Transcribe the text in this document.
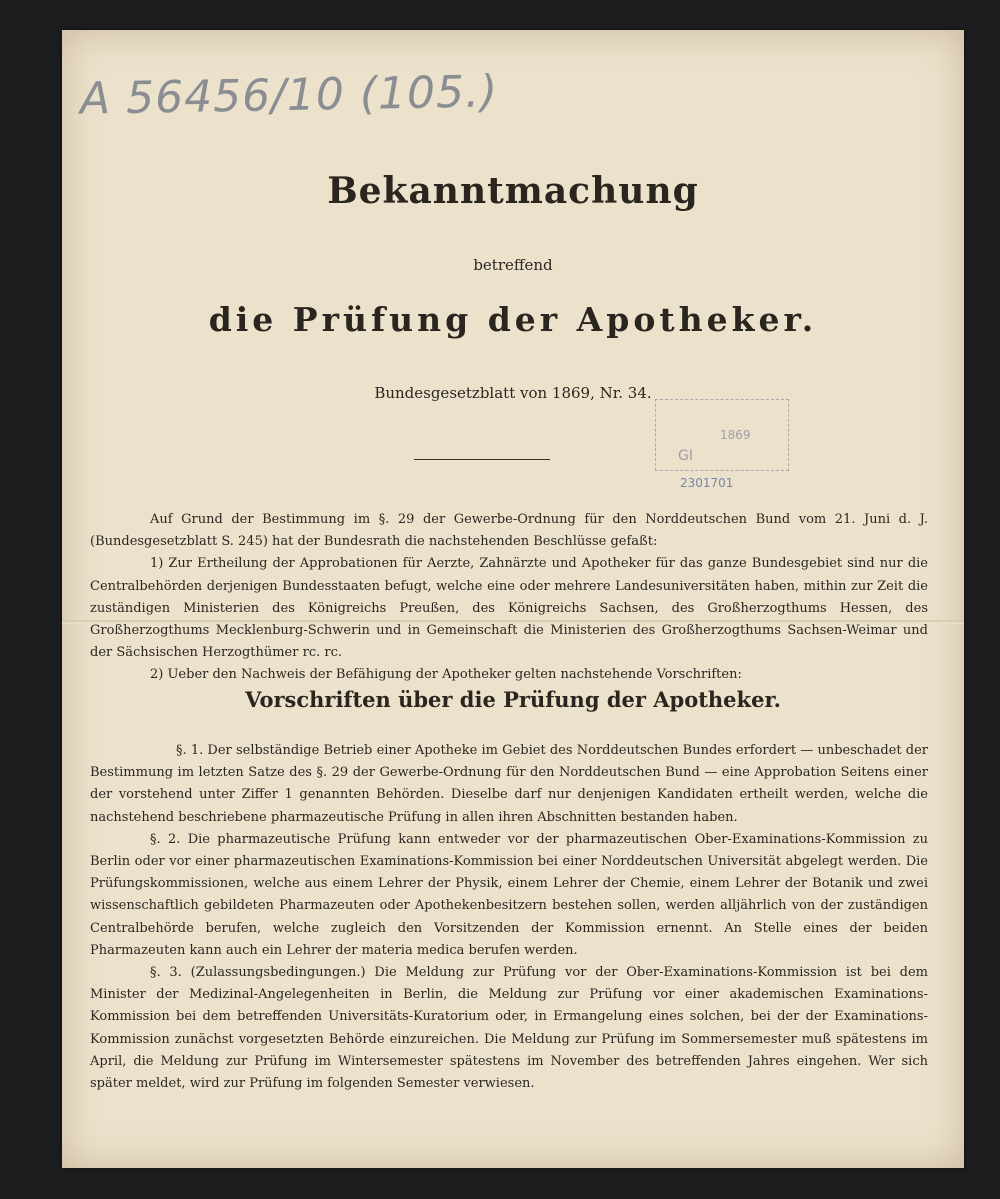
A 56456/10 (105.)
1869
GI
2301701
Bekanntmachung

betreffend

die Prüfung der Apotheker.

Bundesgesetzblatt von 1869, Nr. 34.

Auf Grund der Bestimmung im §. 29 der Gewerbe-Ordnung für den Norddeutschen Bund vom 21. Juni d. J. (Bundesgesetzblatt S. 245) hat der Bundesrath die nachstehenden Beschlüsse gefaßt:

1) Zur Ertheilung der Approbationen für Aerzte, Zahnärzte und Apotheker für das ganze Bundesgebiet sind nur die Centralbehörden derjenigen Bundesstaaten befugt, welche eine oder mehrere Landesuniversitäten haben, mithin zur Zeit die zuständigen Ministerien des Königreichs Preußen, des Königreichs Sachsen, des Großherzogthums Hessen, des Großherzogthums Mecklenburg-Schwerin und in Gemeinschaft die Ministerien des Großherzogthums Sachsen-Weimar und der Sächsischen Herzogthümer rc. rc.

2) Ueber den Nachweis der Befähigung der Apotheker gelten nachstehende Vorschriften:

Vorschriften über die Prüfung der Apotheker.

§. 1. Der selbständige Betrieb einer Apotheke im Gebiet des Norddeutschen Bundes erfordert — unbeschadet der Bestimmung im letzten Satze des §. 29 der Gewerbe-Ordnung für den Norddeutschen Bund — eine Approbation Seitens einer der vorstehend unter Ziffer 1 genannten Behörden. Dieselbe darf nur denjenigen Kandidaten ertheilt werden, welche die nachstehend beschriebene pharmazeutische Prüfung in allen ihren Abschnitten bestanden haben.

§. 2. Die pharmazeutische Prüfung kann entweder vor der pharmazeutischen Ober-Examinations-Kommission zu Berlin oder vor einer pharmazeutischen Examinations-Kommission bei einer Norddeutschen Universität abgelegt werden. Die Prüfungskommissionen, welche aus einem Lehrer der Physik, einem Lehrer der Chemie, einem Lehrer der Botanik und zwei wissenschaftlich gebildeten Pharmazeuten oder Apothekenbesitzern bestehen sollen, werden alljährlich von der zuständigen Centralbehörde berufen, welche zugleich den Vorsitzenden der Kommission ernennt. An Stelle eines der beiden Pharmazeuten kann auch ein Lehrer der materia medica berufen werden.

§. 3. (Zulassungsbedingungen.) Die Meldung zur Prüfung vor der Ober-Examinations-Kommission ist bei dem Minister der Medizinal-Angelegenheiten in Berlin, die Meldung zur Prüfung vor einer akademischen Examinations-Kommission bei dem betreffenden Universitäts-Kuratorium oder, in Ermangelung eines solchen, bei der der Examinations-Kommission zunächst vorgesetzten Behörde einzureichen. Die Meldung zur Prüfung im Sommersemester muß spätestens im April, die Meldung zur Prüfung im Wintersemester spätestens im November des betreffenden Jahres eingehen. Wer sich später meldet, wird zur Prüfung im folgenden Semester verwiesen.
